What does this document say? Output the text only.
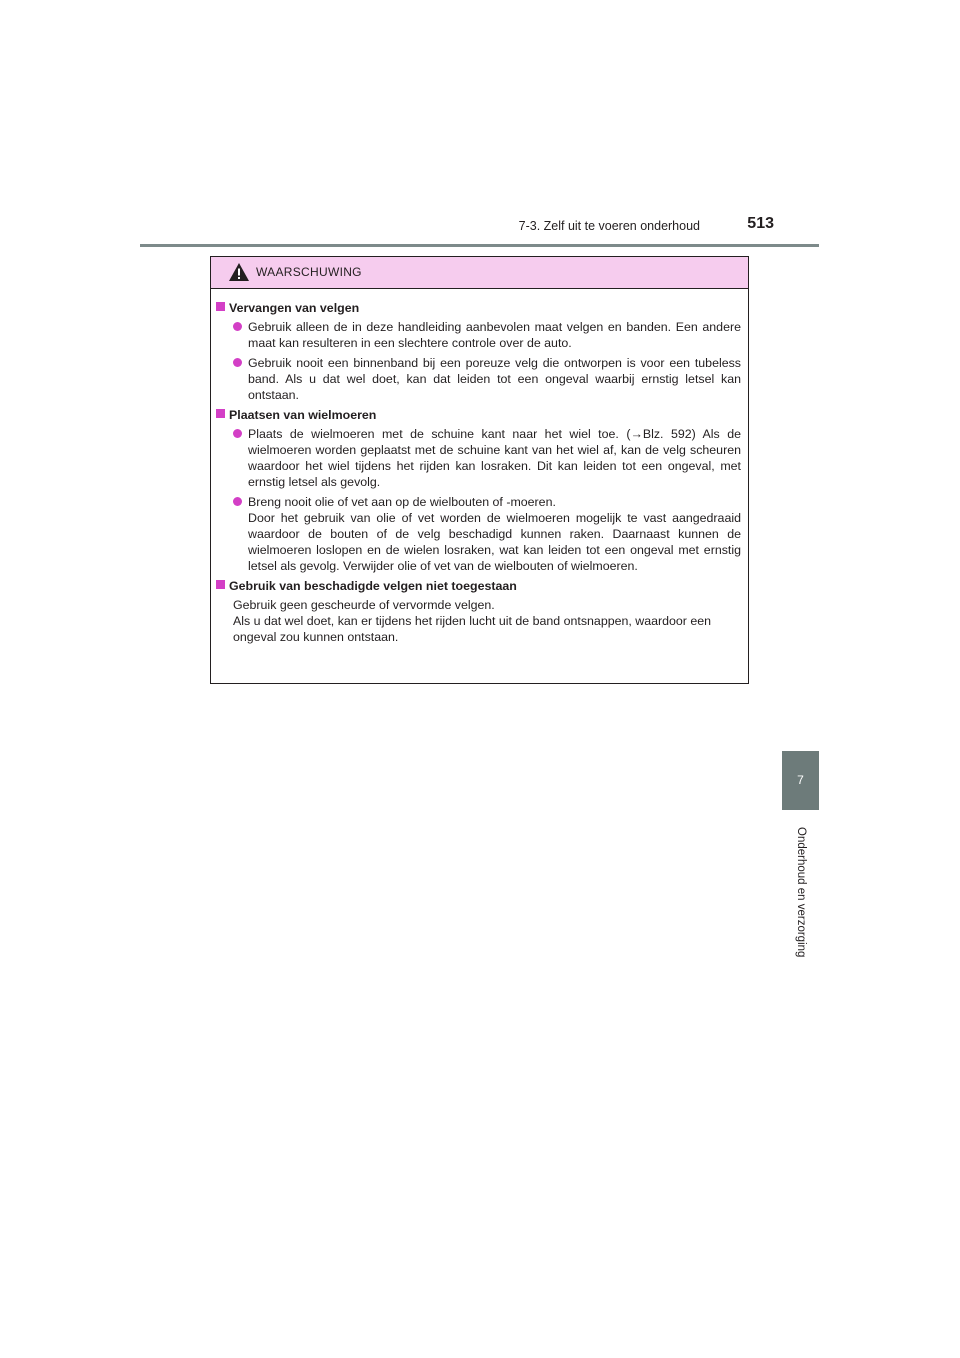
7-3. Zelf uit te voeren onderhoud	513
7
Onderhoud en verzorging
WAARSCHUWING
Vervangen van velgen

Gebruik alleen de in deze handleiding aanbevolen maat velgen en banden. Een andere maat kan resulteren in een slechtere controle over de auto.

Gebruik nooit een binnenband bij een poreuze velg die ontworpen is voor een tubeless band. Als u dat wel doet, kan dat leiden tot een ongeval waarbij ernstig letsel kan ontstaan.

Plaatsen van wielmoeren

Plaats de wielmoeren met de schuine kant naar het wiel toe. (→Blz. 592) Als de wielmoeren worden geplaatst met de schuine kant van het wiel af, kan de velg scheuren waardoor het wiel tijdens het rijden kan losraken. Dit kan leiden tot een ongeval, met ernstig letsel als gevolg.

Breng nooit olie of vet aan op de wielbouten of -moeren.

Door het gebruik van olie of vet worden de wielmoeren mogelijk te vast aangedraaid waardoor de bouten of de velg beschadigd kunnen raken. Daarnaast kunnen de wielmoeren loslopen en de wielen losraken, wat kan leiden tot een ongeval met ernstig letsel als gevolg. Verwijder olie of vet van de wielbouten of wielmoeren.

Gebruik van beschadigde velgen niet toegestaan

Gebruik geen gescheurde of vervormde velgen.

Als u dat wel doet, kan er tijdens het rijden lucht uit de band ontsnappen, waardoor een ongeval zou kunnen ontstaan.
